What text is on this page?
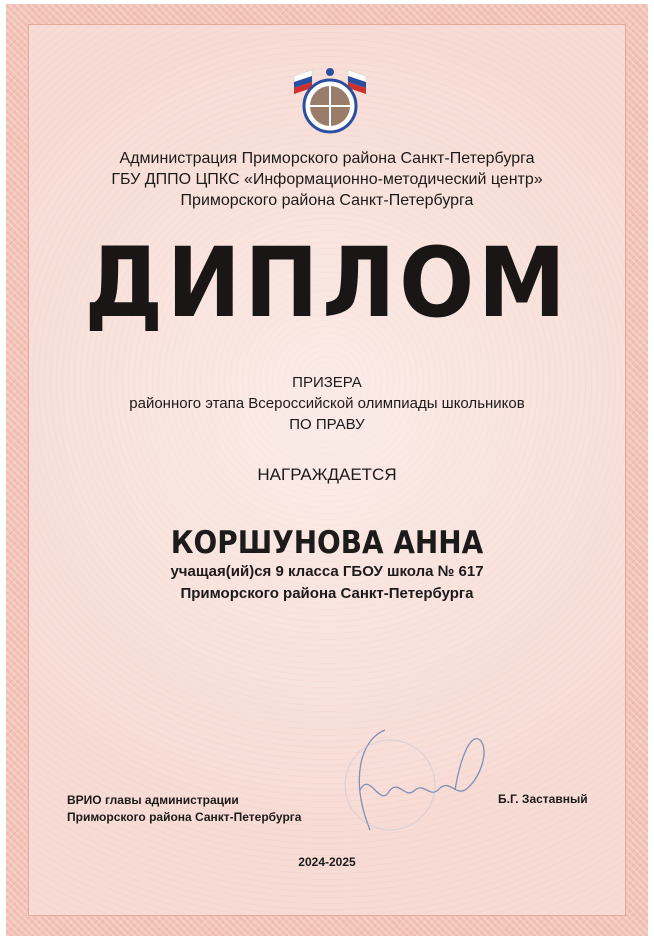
Администрация Приморского района Санкт-Петербурга
ГБУ ДППО ЦПКС «Информационно-методический центр»
Приморского района Санкт-Петербурга
ДИПЛОМ
ПРИЗЕРА
районного этапа Всероссийской олимпиады школьников
ПО ПРАВУ
НАГРАЖДАЕТСЯ
КОРШУНОВА АННА
учащая(ий)ся 9 класса ГБОУ школа № 617
Приморского района Санкт-Петербурга
ВРИО главы администрации
Приморского района Санкт-Петербурга
Б.Г. Заставный
2024-2025
